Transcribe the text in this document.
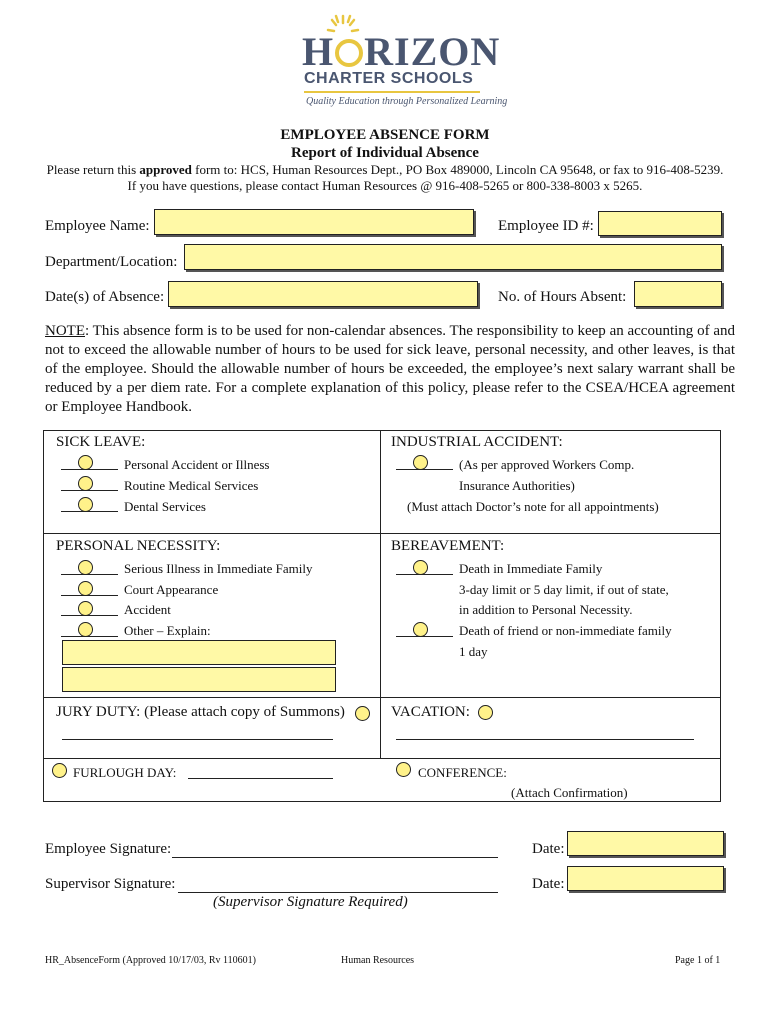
H RIZON
CHARTER SCHOOLS
Quality Education through Personalized Learning
EMPLOYEE ABSENCE FORM
Report of Individual Absence
Please return this approved form to: HCS, Human Resources Dept., PO Box 489000, Lincoln CA 95648, or fax to 916-408-5239.
If you have questions, please contact Human Resources @ 916-408-5265 or 800-338-8003 x 5265.
Employee Name:	Employee ID #:
Department/Location:
Date(s) of Absence:	No. of Hours Absent:
NOTE: This absence form is to be used for non-calendar absences. The responsibility to keep an accounting of and not to exceed the allowable number of hours to be used for sick leave, personal necessity, and other leaves, is that of the employee. Should the allowable number of hours be exceeded, the employee’s next salary warrant shall be reduced by a per diem rate. For a complete explanation of this policy, please refer to the CSEA/HCEA agreement or Employee Handbook.
SICK LEAVE:
Personal Accident or Illness
Routine Medical Services
Dental Services
INDUSTRIAL ACCIDENT:
(As per approved Workers Comp.
Insurance Authorities)
(Must attach Doctor’s note for all appointments)
PERSONAL NECESSITY:
Serious Illness in Immediate Family
Court Appearance
Accident
Other – Explain:
BEREAVEMENT:
Death in Immediate Family
3-day limit or 5 day limit, if out of state,
in addition to Personal Necessity.
Death of friend or non-immediate family
1 day
JURY DUTY: (Please attach copy of Summons)	VACATION:
FURLOUGH DAY:	CONFERENCE:
(Attach Confirmation)
Employee Signature:	Date:
Supervisor Signature:	Date:
(Supervisor Signature Required)
HR_AbsenceForm (Approved 10/17/03, Rv 110601)	Human Resources	Page 1 of 1
